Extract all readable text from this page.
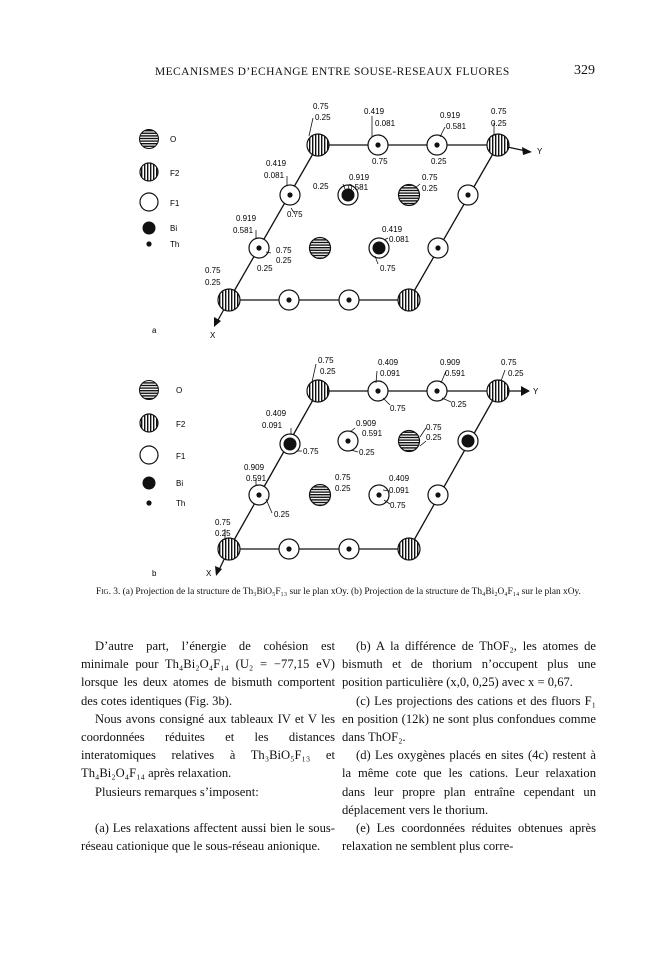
MECANISMES D’ECHANGE ENTRE SOUSE-RESEAUX FLUORES	329
O
F2
F1
Bi
Th
Y
X
a
0.75
0.25
0.419
0.081
0.919
0.581
0.75
0.25
0.75	0.25
0.419
0.081
0.75
0.919
0.25 0.581
0.75
0.25
0.919
0.581
0.75
0.25
0.419
0.081
0.75
0.25
0.75
0.25
O
F2
F1
Bi
Th
Y
X
b
0.75
0.25
0.409
0.091
0.909
0.591
0.75
0.25
0.75	0.25
0.409
0.091
0.75
0.909
0.591
0.25
0.75
0.25
0.909
0.591
0.25
0.75
0.25
0.409
0.091
0.75
0.75
0.25
Fig. 3. (a) Projection de la structure de Th₃BiO₅F₁₃ sur le plan xOy. (b) Projection de la structure de Th₄Bi₂O₄F₁₄ sur le plan xOy.

D’autre part, l’énergie de cohésion est minimale pour Th₄Bi₂O₄F₁₄ (U₂ = −77,15 eV) lorsque les deux atomes de bismuth comportent des cotes identiques (Fig. 3b).

Nous avons consigné aux tableaux IV et V les coordonnées réduites et les distances interatomiques relatives à Th₃BiO₅F₁₃ et Th₄Bi₂O₄F₁₄ après relaxation.

Plusieurs remarques s’imposent:

(a) Les relaxations affectent aussi bien le sous-réseau cationique que le sous-réseau anionique.

(b) A la différence de ThOF₂, les atomes de bismuth et de thorium n’occupent plus une position particulière (x,0, 0,25) avec x = 0,67.

(c) Les projections des cations et des fluors F₁ en position (12k) ne sont plus confondues comme dans ThOF₂.

(d) Les oxygènes placés en sites (4c) restent à la même cote que les cations. Leur relaxation dans leur propre plan entraîne cependant un déplacement vers le thorium.

(e) Les coordonnées réduites obtenues après relaxation ne semblent plus corre-
